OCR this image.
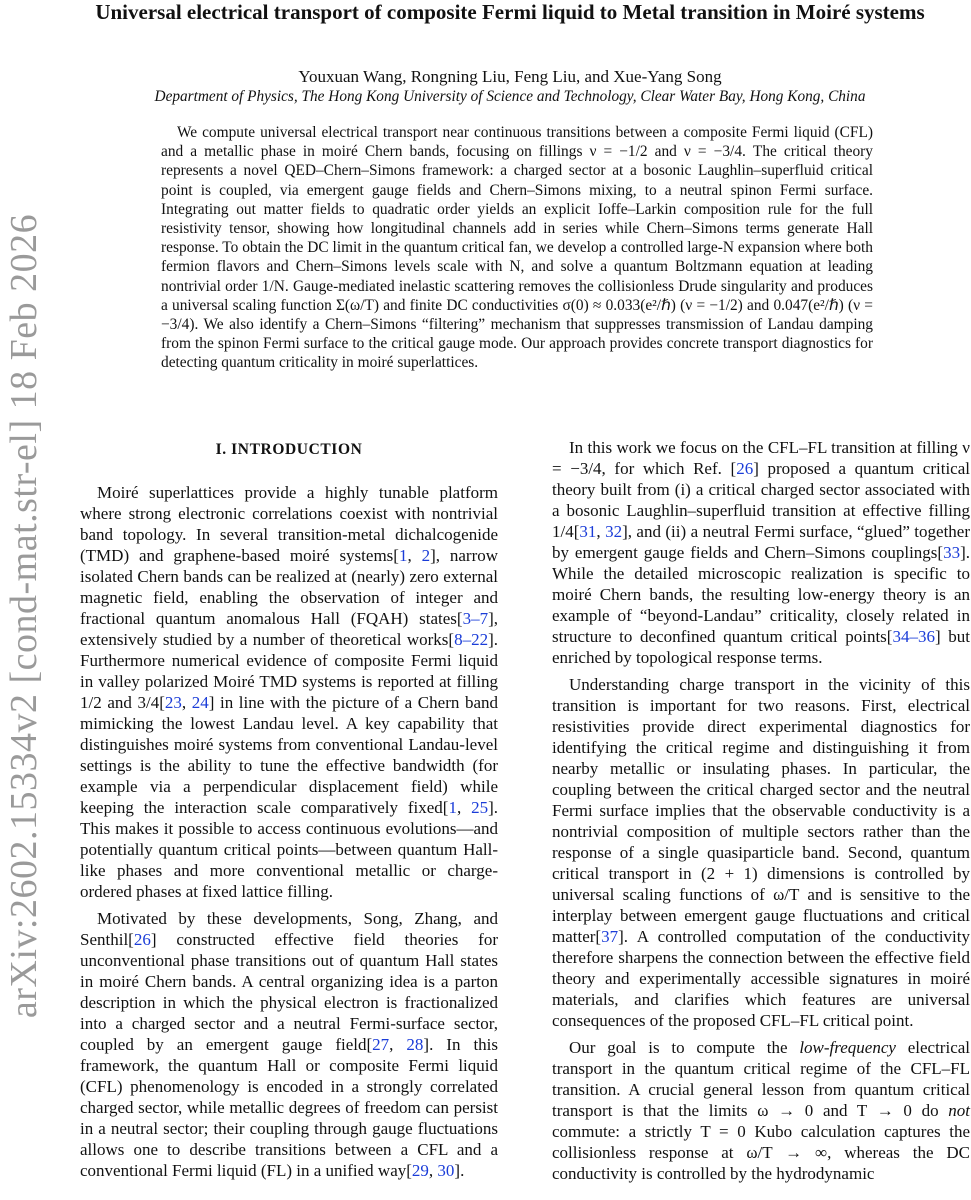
arXiv:2602.15334v2 [cond-mat.str-el] 18 Feb 2026
Universal electrical transport of composite Fermi liquid to Metal transition in Moiré systems
Youxuan Wang, Rongning Liu, Feng Liu, and Xue-Yang Song
Department of Physics, The Hong Kong University of Science and Technology, Clear Water Bay, Hong Kong, China

We compute universal electrical transport near continuous transitions between a composite Fermi liquid (CFL) and a metallic phase in moiré Chern bands, focusing on fillings ν = −1/2 and ν = −3/4. The critical theory represents a novel QED–Chern–Simons framework: a charged sector at a bosonic Laughlin–superfluid critical point is coupled, via emergent gauge fields and Chern–Simons mixing, to a neutral spinon Fermi surface. Integrating out matter fields to quadratic order yields an explicit Ioffe–Larkin composition rule for the full resistivity tensor, showing how longitudinal channels add in series while Chern–Simons terms generate Hall response. To obtain the DC limit in the quantum critical fan, we develop a controlled large-N expansion where both fermion flavors and Chern–Simons levels scale with N, and solve a quantum Boltzmann equation at leading nontrivial order 1/N. Gauge-mediated inelastic scattering removes the collisionless Drude singularity and produces a universal scaling function Σ(ω/T) and finite DC conductivities σ(0) ≈ 0.033(e²/ℏ) (ν = −1/2) and 0.047(e²/ℏ) (ν = −3/4). We also identify a Chern–Simons “filtering” mechanism that suppresses transmission of Landau damping from the spinon Fermi surface to the critical gauge mode. Our approach provides concrete transport diagnostics for detecting quantum criticality in moiré superlattices.

I. INTRODUCTION

Moiré superlattices provide a highly tunable platform where strong electronic correlations coexist with nontrivial band topology. In several transition-metal dichalcogenide (TMD) and graphene-based moiré systems[1, 2], narrow isolated Chern bands can be realized at (nearly) zero external magnetic field, enabling the observation of integer and fractional quantum anomalous Hall (FQAH) states[3–7], extensively studied by a number of theoretical works[8–22]. Furthermore numerical evidence of composite Fermi liquid in valley polarized Moiré TMD systems is reported at filling 1/2 and 3/4[23, 24] in line with the picture of a Chern band mimicking the lowest Landau level. A key capability that distinguishes moiré systems from conventional Landau-level settings is the ability to tune the effective bandwidth (for example via a perpendicular displacement field) while keeping the interaction scale comparatively fixed[1, 25]. This makes it possible to access continuous evolutions—and potentially quantum critical points—between quantum Hall-like phases and more conventional metallic or charge-ordered phases at fixed lattice filling.

Motivated by these developments, Song, Zhang, and Senthil[26] constructed effective field theories for unconventional phase transitions out of quantum Hall states in moiré Chern bands. A central organizing idea is a parton description in which the physical electron is fractionalized into a charged sector and a neutral Fermi-surface sector, coupled by an emergent gauge field[27, 28]. In this framework, the quantum Hall or composite Fermi liquid (CFL) phenomenology is encoded in a strongly correlated charged sector, while metallic degrees of freedom can persist in a neutral sector; their coupling through gauge fluctuations allows one to describe transitions between a CFL and a conventional Fermi liquid (FL) in a unified way[29, 30].

In this work we focus on the CFL–FL transition at filling ν = −3/4, for which Ref. [26] proposed a quantum critical theory built from (i) a critical charged sector associated with a bosonic Laughlin–superfluid transition at effective filling 1/4[31, 32], and (ii) a neutral Fermi surface, “glued” together by emergent gauge fields and Chern–Simons couplings[33]. While the detailed microscopic realization is specific to moiré Chern bands, the resulting low-energy theory is an example of “beyond-Landau” criticality, closely related in structure to deconfined quantum critical points[34–36] but enriched by topological response terms.

Understanding charge transport in the vicinity of this transition is important for two reasons. First, electrical resistivities provide direct experimental diagnostics for identifying the critical regime and distinguishing it from nearby metallic or insulating phases. In particular, the coupling between the critical charged sector and the neutral Fermi surface implies that the observable conductivity is a nontrivial composition of multiple sectors rather than the response of a single quasiparticle band. Second, quantum critical transport in (2 + 1) dimensions is controlled by universal scaling functions of ω/T and is sensitive to the interplay between emergent gauge fluctuations and critical matter[37]. A controlled computation of the conductivity therefore sharpens the connection between the effective field theory and experimentally accessible signatures in moiré materials, and clarifies which features are universal consequences of the proposed CFL–FL critical point.

Our goal is to compute the low-frequency electrical transport in the quantum critical regime of the CFL–FL transition. A crucial general lesson from quantum critical transport is that the limits ω → 0 and T → 0 do not commute: a strictly T = 0 Kubo calculation captures the collisionless response at ω/T → ∞, whereas the DC conductivity is controlled by the hydrodynamic
